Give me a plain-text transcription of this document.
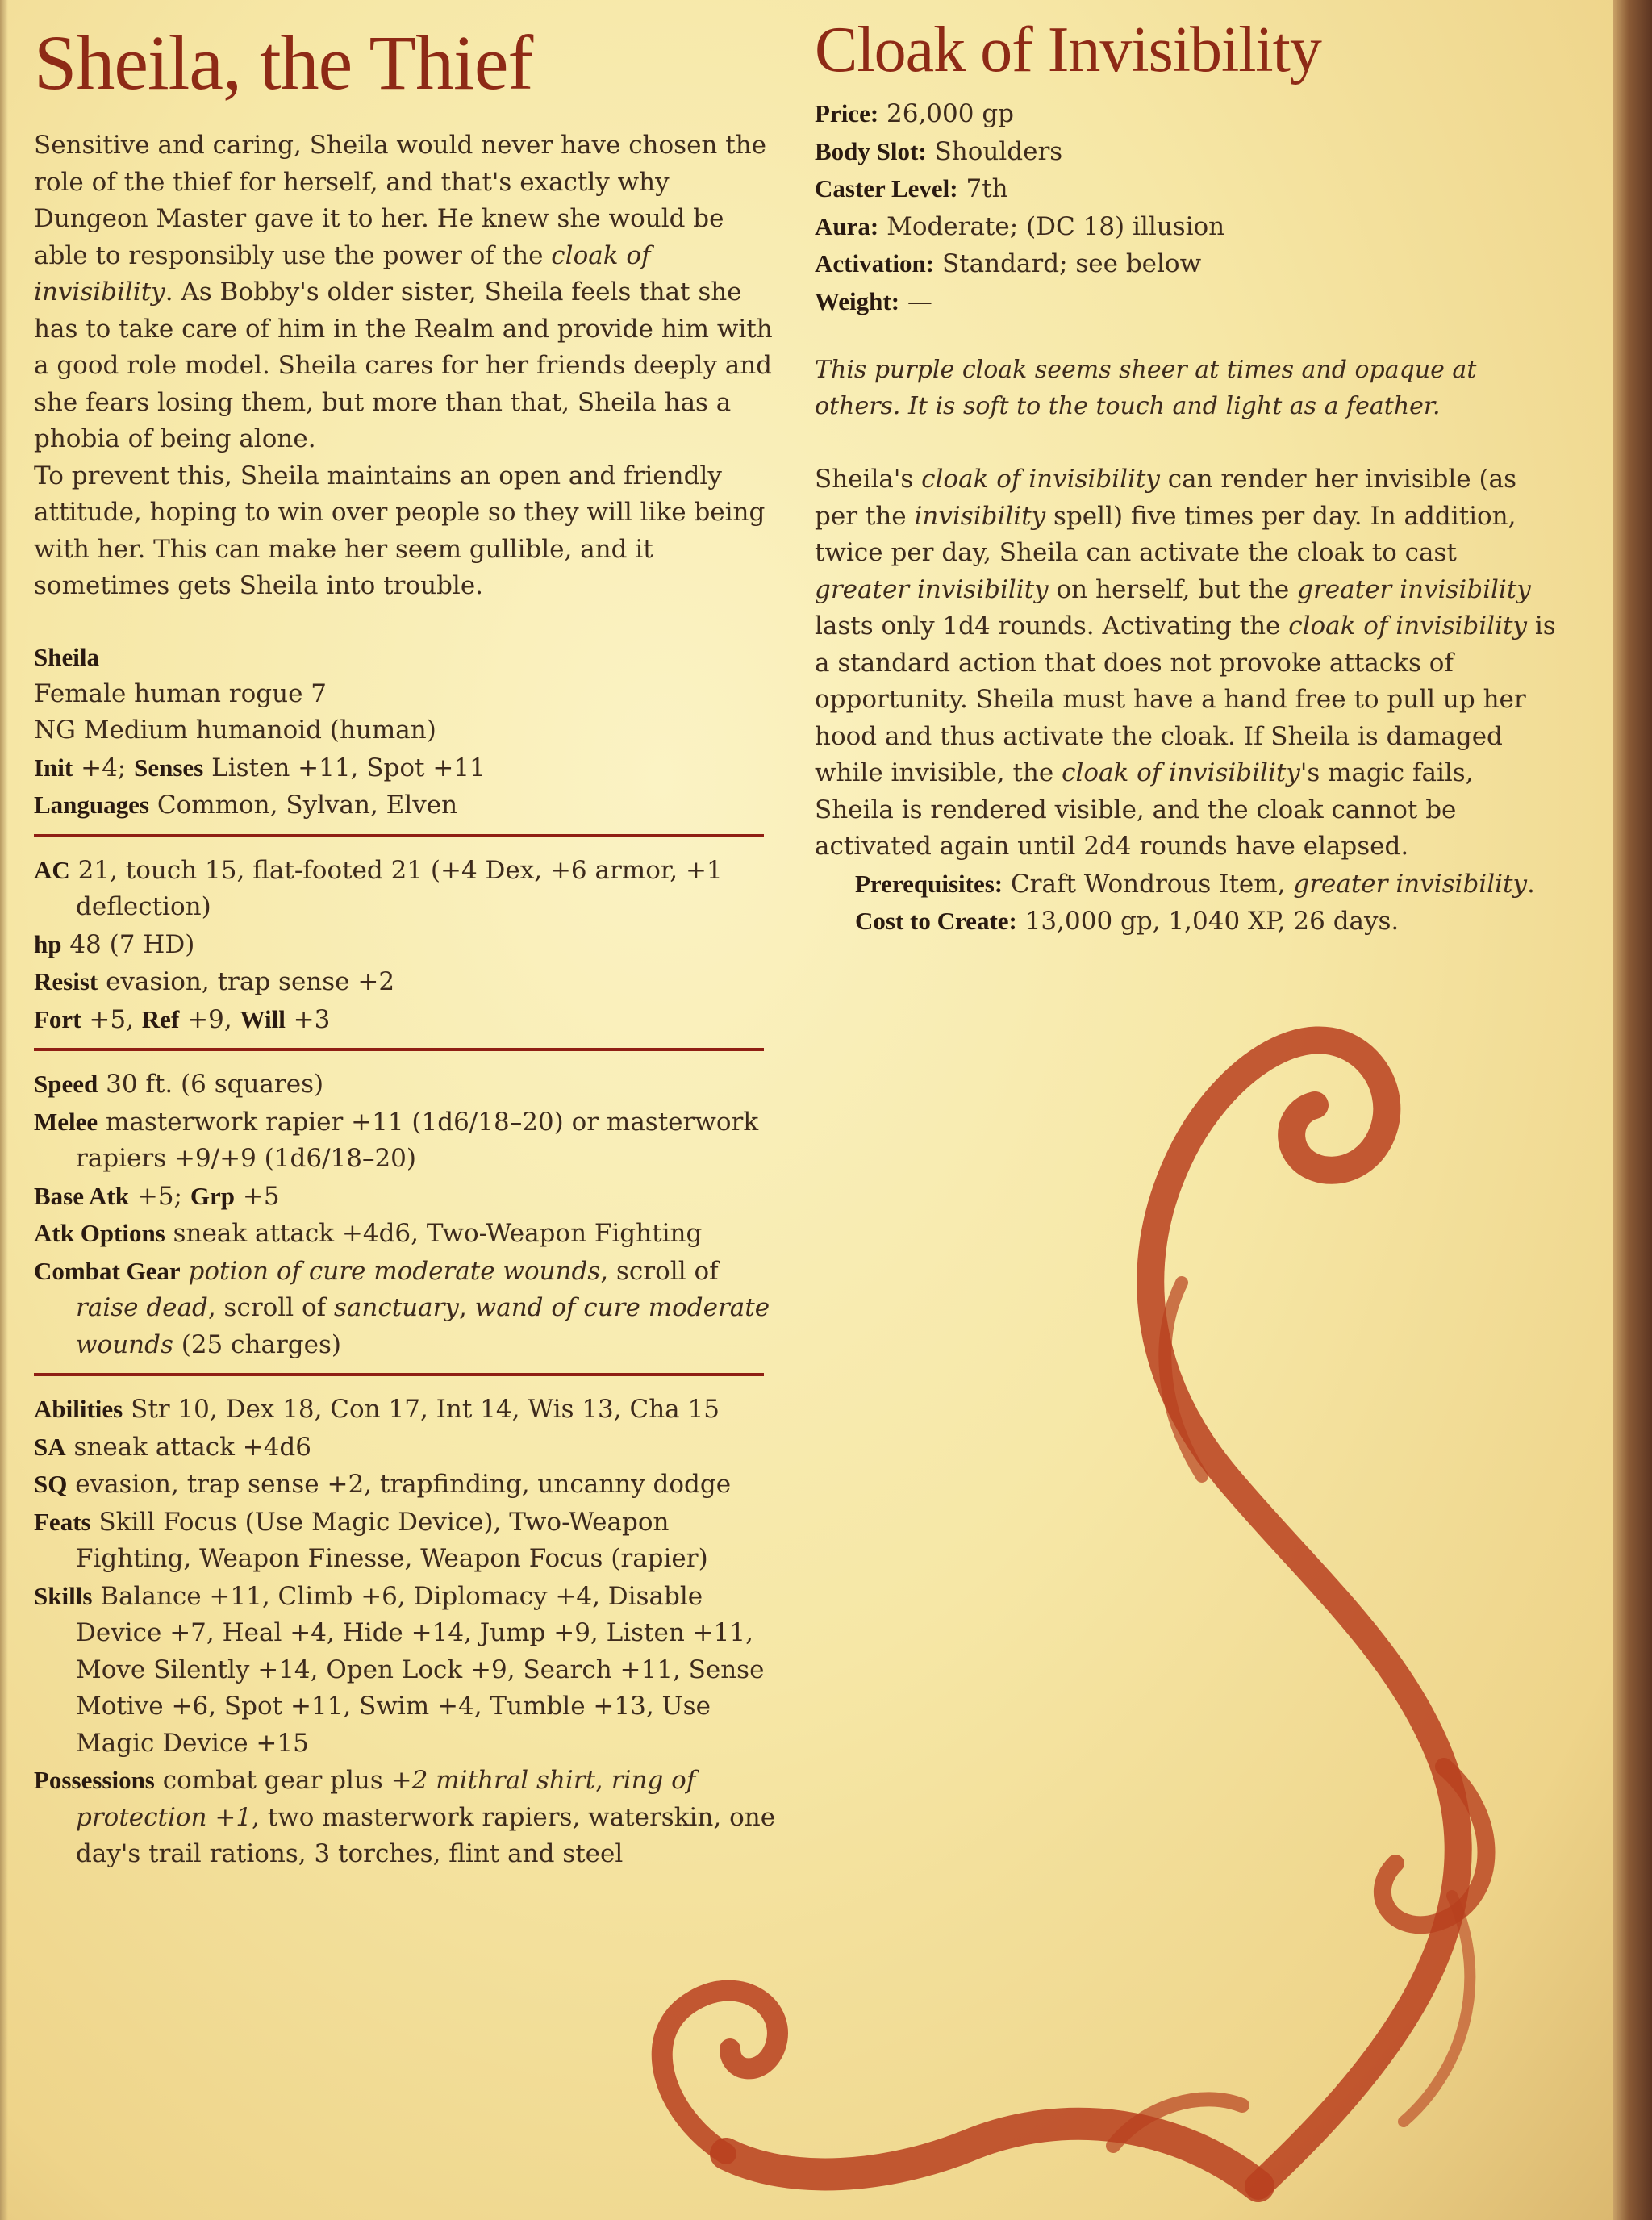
Sheila, the Thief

Sensitive and caring, Sheila would never have chosen the role of the thief for herself, and that's exactly why Dungeon Master gave it to her. He knew she would be able to responsibly use the power of the cloak of invisibility. As Bobby's older sister, Sheila feels that she has to take care of him in the Realm and provide him with a good role model. Sheila cares for her friends deeply and she fears losing them, but more than that, Sheila has a phobia of being alone.

To prevent this, Sheila maintains an open and friendly attitude, hoping to win over people so they will like being with her. This can make her seem gullible, and it sometimes gets Sheila into trouble.

Sheila

Female human rogue 7

NG Medium humanoid (human)

Init +4; Senses Listen +11, Spot +11

Languages Common, Sylvan, Elven

AC 21, touch 15, flat-footed 21 (+4 Dex, +6 armor, +1 deflection)

hp 48 (7 HD)

Resist evasion, trap sense +2

Fort +5, Ref +9, Will +3

Speed 30 ft. (6 squares)

Melee masterwork rapier +11 (1d6/18–20) or masterwork rapiers +9/+9 (1d6/18–20)

Base Atk +5; Grp +5

Atk Options sneak attack +4d6, Two-Weapon Fighting

Combat Gear potion of cure moderate wounds, scroll of raise dead, scroll of sanctuary, wand of cure moderate wounds (25 charges)

Abilities Str 10, Dex 18, Con 17, Int 14, Wis 13, Cha 15

SA sneak attack +4d6

SQ evasion, trap sense +2, trapfinding, uncanny dodge

Feats Skill Focus (Use Magic Device), Two-Weapon Fighting, Weapon Finesse, Weapon Focus (rapier)

Skills Balance +11, Climb +6, Diplomacy +4, Disable Device +7, Heal +4, Hide +14, Jump +9, Listen +11, Move Silently +14, Open Lock +9, Search +11, Sense Motive +6, Spot +11, Swim +4, Tumble +13, Use Magic Device +15

Possessions combat gear plus +2 mithral shirt, ring of protection +1, two masterwork rapiers, waterskin, one day's trail rations, 3 torches, flint and steel

Cloak of Invisibility

Price: 26,000 gp

Body Slot: Shoulders

Caster Level: 7th

Aura: Moderate; (DC 18) illusion

Activation: Standard; see below

Weight: —

This purple cloak seems sheer at times and opaque at others. It is soft to the touch and light as a feather.

Sheila's cloak of invisibility can render her invisible (as per the invisibility spell) five times per day. In addition, twice per day, Sheila can activate the cloak to cast greater invisibility on herself, but the greater invisibility lasts only 1d4 rounds. Activating the cloak of invisibility is a standard action that does not provoke attacks of opportunity. Sheila must have a hand free to pull up her hood and thus activate the cloak. If Sheila is damaged while invisible, the cloak of invisibility's magic fails, Sheila is rendered visible, and the cloak cannot be activated again until 2d4 rounds have elapsed.

Prerequisites: Craft Wondrous Item, greater invisibility.

Cost to Create: 13,000 gp, 1,040 XP, 26 days.
